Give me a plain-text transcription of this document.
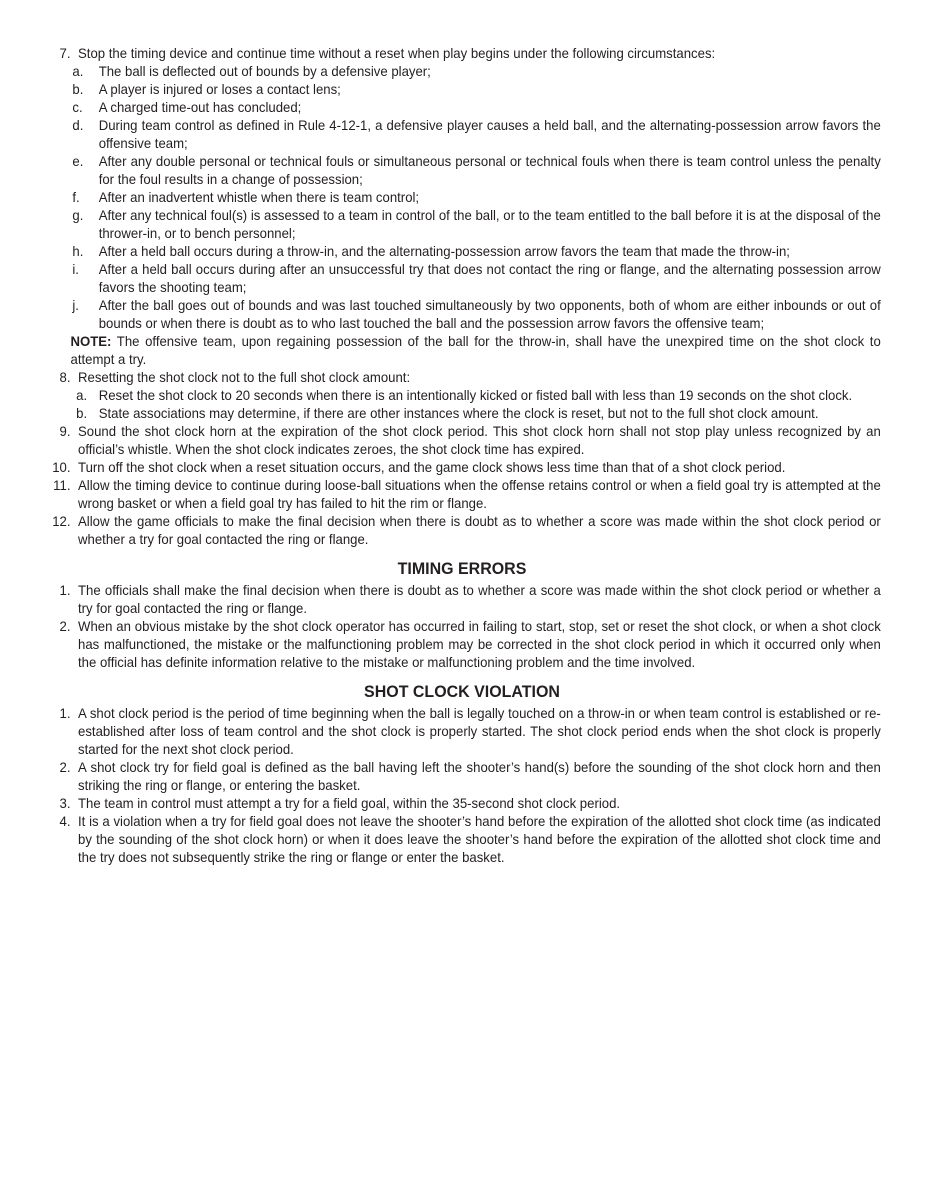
7. Stop the timing device and continue time without a reset when play begins under the following circumstances:
a.	The ball is deflected out of bounds by a defensive player;
b.	A player is injured or loses a contact lens;
c.	A charged time-out has concluded;
d.	During team control as defined in Rule 4-12-1, a defensive player causes a held ball, and the alternating-possession arrow favors the offensive team;
e.	After any double personal or technical fouls or simultaneous personal or technical fouls when there is team control unless the penalty for the foul results in a change of possession;
f.	After an inadvertent whistle when there is team control;
g.	After any technical foul(s) is assessed to a team in control of the ball, or to the team entitled to the ball before it is at the disposal of the thrower-in, or to bench personnel;
h.	After a held ball occurs during a throw-in, and the alternating-possession arrow favors the team that made the throw-in;
i.	After a held ball occurs during after an unsuccessful try that does not contact the ring or flange, and the alternating possession arrow favors the shooting team;
j.	After the ball goes out of bounds and was last touched simultaneously by two opponents, both of whom are either inbounds or out of bounds or when there is doubt as to who last touched the ball and the possession arrow favors the offensive team;
NOTE: The offensive team, upon regaining possession of the ball for the throw-in, shall have the unexpired time on the shot clock to attempt a try.
8. Resetting the shot clock not to the full shot clock amount:
a. Reset the shot clock to 20 seconds when there is an intentionally kicked or fisted ball with less than 19 seconds on the shot clock.
b. State associations may determine, if there are other instances where the clock is reset, but not to the full shot clock amount.
9. Sound the shot clock horn at the expiration of the shot clock period. This shot clock horn shall not stop play unless recognized by an official’s whistle. When the shot clock indicates zeroes, the shot clock time has expired.
10. Turn off the shot clock when a reset situation occurs, and the game clock shows less time than that of a shot clock period.
11. Allow the timing device to continue during loose-ball situations when the offense retains control or when a field goal try is attempted at the wrong basket or when a field goal try has failed to hit the rim or flange.
12. Allow the game officials to make the final decision when there is doubt as to whether a score was made within the shot clock period or whether a try for goal contacted the ring or flange.
TIMING ERRORS
1. The officials shall make the final decision when there is doubt as to whether a score was made within the shot clock period or whether a try for goal contacted the ring or flange.
2. When an obvious mistake by the shot clock operator has occurred in failing to start, stop, set or reset the shot clock, or when a shot clock has malfunctioned, the mistake or the malfunctioning problem may be corrected in the shot clock period in which it occurred only when the official has definite information relative to the mistake or malfunctioning problem and the time involved.
SHOT CLOCK VIOLATION
1. A shot clock period is the period of time beginning when the ball is legally touched on a throw-in or when team control is established or re-established after loss of team control and the shot clock is properly started. The shot clock period ends when the shot clock is properly started for the next shot clock period.
2. A shot clock try for field goal is defined as the ball having left the shooter’s hand(s) before the sounding of the shot clock horn and then striking the ring or flange, or entering the basket.
3. The team in control must attempt a try for a field goal, within the 35-second shot clock period.
4. It is a violation when a try for field goal does not leave the shooter’s hand before the expiration of the allotted shot clock time (as indicated by the sounding of the shot clock horn) or when it does leave the shooter’s hand before the expiration of the allotted shot clock time and the try does not subsequently strike the ring or flange or enter the basket.
